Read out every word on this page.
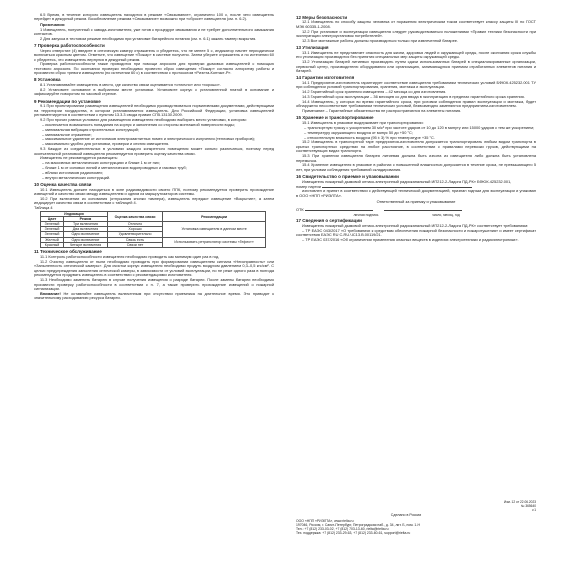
6.5 Время, в течение которого извещатель находится в режиме «Связывание», ограничено 100 с, после чего извещатель перейдет в дежурный режим. Возобновление режима «Связывание» возможно при «сбросе» извещателя (см. п. 6.2).

Примечания:

1 Извещатель, полученный с завода-изготовителя, уже готов к процедуре связывания и не требует дополнительного замыкания контактов.

2 Для запуска в тестовом режиме необходимо при установке батарейного питания (см. п. 6.1) зажать тампер вскрытия.

7 Проверка работоспособности

Через отверстие (4) введите в оптическую камеру отражатель и убедитесь, что не менее 5 с, индикатор начнет периодически включаться красным цветом. Отметьте, что извещение «Пожар» в системе получено. Затем уберите отражатель и по истечении 60 с убедитесь, что извещатель вернулся в дежурный режим.

Проверка работоспособности также проводится при помощи аэрозоля для проверки дымовых извещателей с помощью тестового аэрозоля. По окончании проверки необходимо провести сброс извещения «Пожар» согласно алгоритму работы и произвести сброс тревоги извещателя (по истечении 60 с) в соответствии с протоколом «Риэлта-Контакт-Р».

8 Установка

8.1 Устанавливайте извещатель в место, где качество связи оценивается «отлично» или «хорошо».

8.2 Установите основание в выбранном месте установки. Установите корпус с установленной платой в основание и зафиксируйте поворотом по часовой стрелке.

9 Рекомендации по установке

9.1 При проектировании размещения извещателей необходимо руководствоваться нормативными документами, действующими на территории государства, в котором устанавливается извещатель. Для Российской Федерации, установка извещателей регламентируется в соответствии с пунктом 13.3.3 свода правил СП5.13130.2009.

9.2 При прочих равных условиях для размещения извещателя необходимо выбирать место установки, в котором:

– исключается возможность попадания на корпус и заполнения со стороны монтажной поверхности воды;

– минимальная вибрация строительных конструкций;

– минимальное отражение;

– максимальное удаление от источников электромагнитных помех и электрического излучения (тепловых приборов);

– максимально удобно для установки, проверки и снятия извещателя.

9.3 Каждое из соединительных в условиях каждого конкретного помещения может сильно различаться, поэтому перед окончательной установкой извещателя рекомендуется проверить оценку качества связи.

Извещатель не рекомендуется размещать:

– на массивных металлических конструкциях и ближе 1 м от них;

– ближе 1 м от силовых линий и металлических водопроводных и газовых труб;

– вблизи источников радиопомех;

– внутри металлических конструкций.

10 Оценка качества связи

10.1 Извещатель должен находиться в зоне радиовидимости своего ППК, поэтому рекомендуется проверить прохождение извещений и качество связи между извещателем и одним из маршрутизаторов системы.

10.2 При включении из основания (отпускания кнопки тампера), извещатель передаст извещение «Вскрытие», а затем индицирует качество связи в соответствии с таблицей 4.

Таблица 4

Индикация		Оценка качества связи	Рекомендации
Цвет	Режим		
Зеленый	Три включения	Отлично	Установка извещателя в данном месте
Зеленый	Два включения	Хорошо	
Зеленый	Одно включение	Удовлетворительно	
Желтый	Одно включение	Связь есть	Использовать ретранслятор системы «Гефест»
Красный	Четыре включения	Связи нет	
11 Техническое обслуживание

11.1 Контроль работоспособности извещателя необходимо проводить как минимум один раз в год.

11.2 Очистку извещателя от пыли необходимо проводить при формировании извещателем сигнала «Неисправность» или «Запыленность оптической камеры». Для очистки корпус извещателя необходимо продуть воздухом давлением 0,3–0,5 кгс/см². С целью предупреждения запыления оптической камеры, в зависимости от условий эксплуатации, но не реже одного раза в полгода рекомендуется продувать извещатель в соответствии с рекомендациями изготовителя.

11.3 Необходимо заменить батарею в случае получения извещения о разряде батареи. После замены батареи необходимо произвести проверку работоспособности в соответствии с п. 7, а также проверить прохождение извещений о пожарной сигнализации.

Внимание! Не оставляйте извещатель включенным при отсутствии приемника на длительное время. Это приводит к значительному расходованию ресурса батареи.

12 Меры безопасности

12.1 Извещатель по способу защиты человека от поражения электрическим током соответствует классу защиты III по ГОСТ МЭК 60335-1-2008.

12.2 При установке и эксплуатации извещателя следует руководствоваться положениями «Правил техники безопасности при эксплуатации электроустановок потребителей».

12.3 Все монтажные работы должны производиться только при извлеченной батарее.

13 Утилизация

13.1 Извещатель не представляет опасность для жизни, здоровья людей и окружающей среды, после окончания срока службы его утилизация производится без принятия специальных мер защиты окружающей среды.

13.2 Утилизацию батарей литиевых производить путем сдачи использованных батарей в специализированные организации, сервисный центр, производителю оборудования или организацию, занимающуюся приемом отработанных элементов питания и батарей.

14 Гарантии изготовителя

14.1 Предприятие-изготовитель гарантирует соответствие извещателя требованиям технических условий БФЮК.425232.001 ТУ при соблюдении условий транспортирования, хранения, монтажа и эксплуатации.

14.2 Гарантийный срок хранения извещателя – 42 месяца со дня изготовления.

14.3 Гарантийный срок эксплуатации – 36 месяцев со дня ввода в эксплуатацию в пределах гарантийного срока хранения.

14.4 Извещатель, у которых во время гарантийного срока, при условии соблюдения правил эксплуатации и монтажа, будет обнаружено несоответствие требованиям технических условий, безвозмездно заменяются предприятием-изготовителем.

Примечание – Гарантийные обязательства не распространяются на элементы питания.

15 Хранение и транспортирование

15.1 Извещатель в упаковке выдерживает при транспортировании:

– транспортную тряску с ускорением 30 м/с² при частоте ударов от 10 до 120 в минуту или 15000 ударов с тем же ускорением;

– температуру окружающего воздуха от минус 50 до +50 °С;

– относительную влажность воздуха (95 ± 3) % при температуре +35 °С.

15.2 Извещатель в транспортной таре предприятия-изготовителя допускается транспортировать любым видом транспорта в крытых транспортных средствах на любое расстояние, в соответствии с правилами перевозки грузов, действующими на соответствующих видах транспорта.

15.3 При хранении извещателя батарея литиевая должна быть изъята из извещателя либо должна быть установлена перемычка.

15.4 Хранение извещателя в упаковке в районах с повышенной влажностью допускается в течение срока, не превышающего 5 лет, при условии соблюдения требований складирования.

16 Свидетельство о приемке и упаковывании

Извещатель пожарный дымовой оптико-электронный радиоканальный ИП212-2-Ладога ПД-РК» БФЮК.425232.001,

номер партии

изготовлен и принят в соответствии с действующей технической документацией, признан годным для эксплуатации и упакован в ООО «НПП «РИЭЛТА».

Ответственный за приемку и упаковывание

ОТК

личная подпись	число, месяц, год

17 Сведения о сертификации

Извещатель пожарный дымовой оптико-электронный радиоканальный ИП212-2-Ладога ПД-РК» соответствует требованиям:

– ТР ЕАЭС 043/2017 «О требованиях к средствам обеспечения пожарной безопасности и пожаротушения» и имеет сертификат соответствия ЕАЭС RU С-RU.ЧС13.В.00119/21.

– ТР ЕАЭС 037/2016 «Об ограничении применения опасных веществ в изделиях электротехники и радиоэлектроники».

Изм. 12 от 22.06.2023
№ 365640
v.1
Сделано в России
ООО «НПП «РИЭЛТА», www.rielta.ru
197046, Россия, г. Санкт-Петербург, Петроградская наб., д. 34, лит. Б, пом. 1-Н
Тел.: +7 (812) 233-03-02, +7 (812) 703-13-60, rielta@rielta.ru
Тех. поддержка: +7 (812) 233-29-63, +7 (812) 233-60-61, support@rielta.ru
